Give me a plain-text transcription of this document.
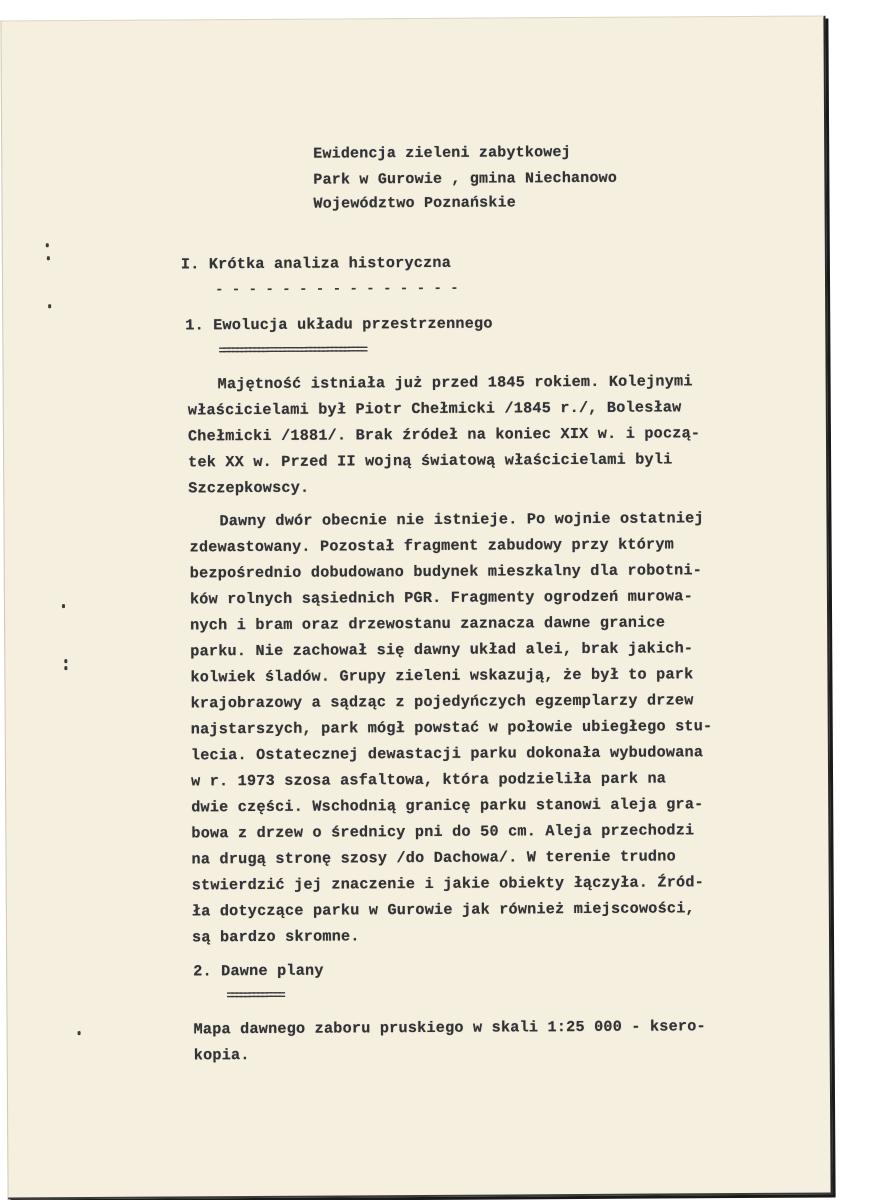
Ewidencja zieleni zabytkowej
Park w Gurowie , gmina Niechanowo
Województwo Poznańskie
I. Krótka analiza historyczna
- - - - - - - - - - - - - - -
1. Ewolucja układu przestrzennego
==================================
Majętność istniała już przed 1845 rokiem. Kolejnymi
właścicielami był Piotr Chełmicki /1845 r./, Bolesław
Chełmicki /1881/. Brak źródeł na koniec XIX w. i począ-
tek XX w. Przed II wojną światową właścicielami byli
Szczepkowscy.
Dawny dwór obecnie nie istnieje. Po wojnie ostatniej
zdewastowany. Pozostał fragment zabudowy przy którym
bezpośrednio dobudowano budynek mieszkalny dla robotni-
ków rolnych sąsiednich PGR. Fragmenty ogrodzeń murowa-
nych i bram oraz drzewostanu zaznacza dawne granice
parku. Nie zachował się dawny układ alei, brak jakich-
kolwiek śladów. Grupy zieleni wskazują, że był to park
krajobrazowy a sądząc z pojedyńczych egzemplarzy drzew
najstarszych, park mógł powstać w połowie ubiegłego stu-
lecia. Ostatecznej dewastacji parku dokonała wybudowana
w r. 1973 szosa asfaltowa, która podzieliła park na
dwie części. Wschodnią granicę parku stanowi aleja gra-
bowa z drzew o średnicy pni do 50 cm. Aleja przechodzi
na drugą stronę szosy /do Dachowa/. W terenie trudno
stwierdzić jej znaczenie i jakie obiekty łączyła. Źród-
ła dotyczące parku w Gurowie jak również miejscowości,
są bardzo skromne.
2. Dawne plany
=============
Mapa dawnego zaboru pruskiego w skali 1:25 000 - ksero-
kopia.
